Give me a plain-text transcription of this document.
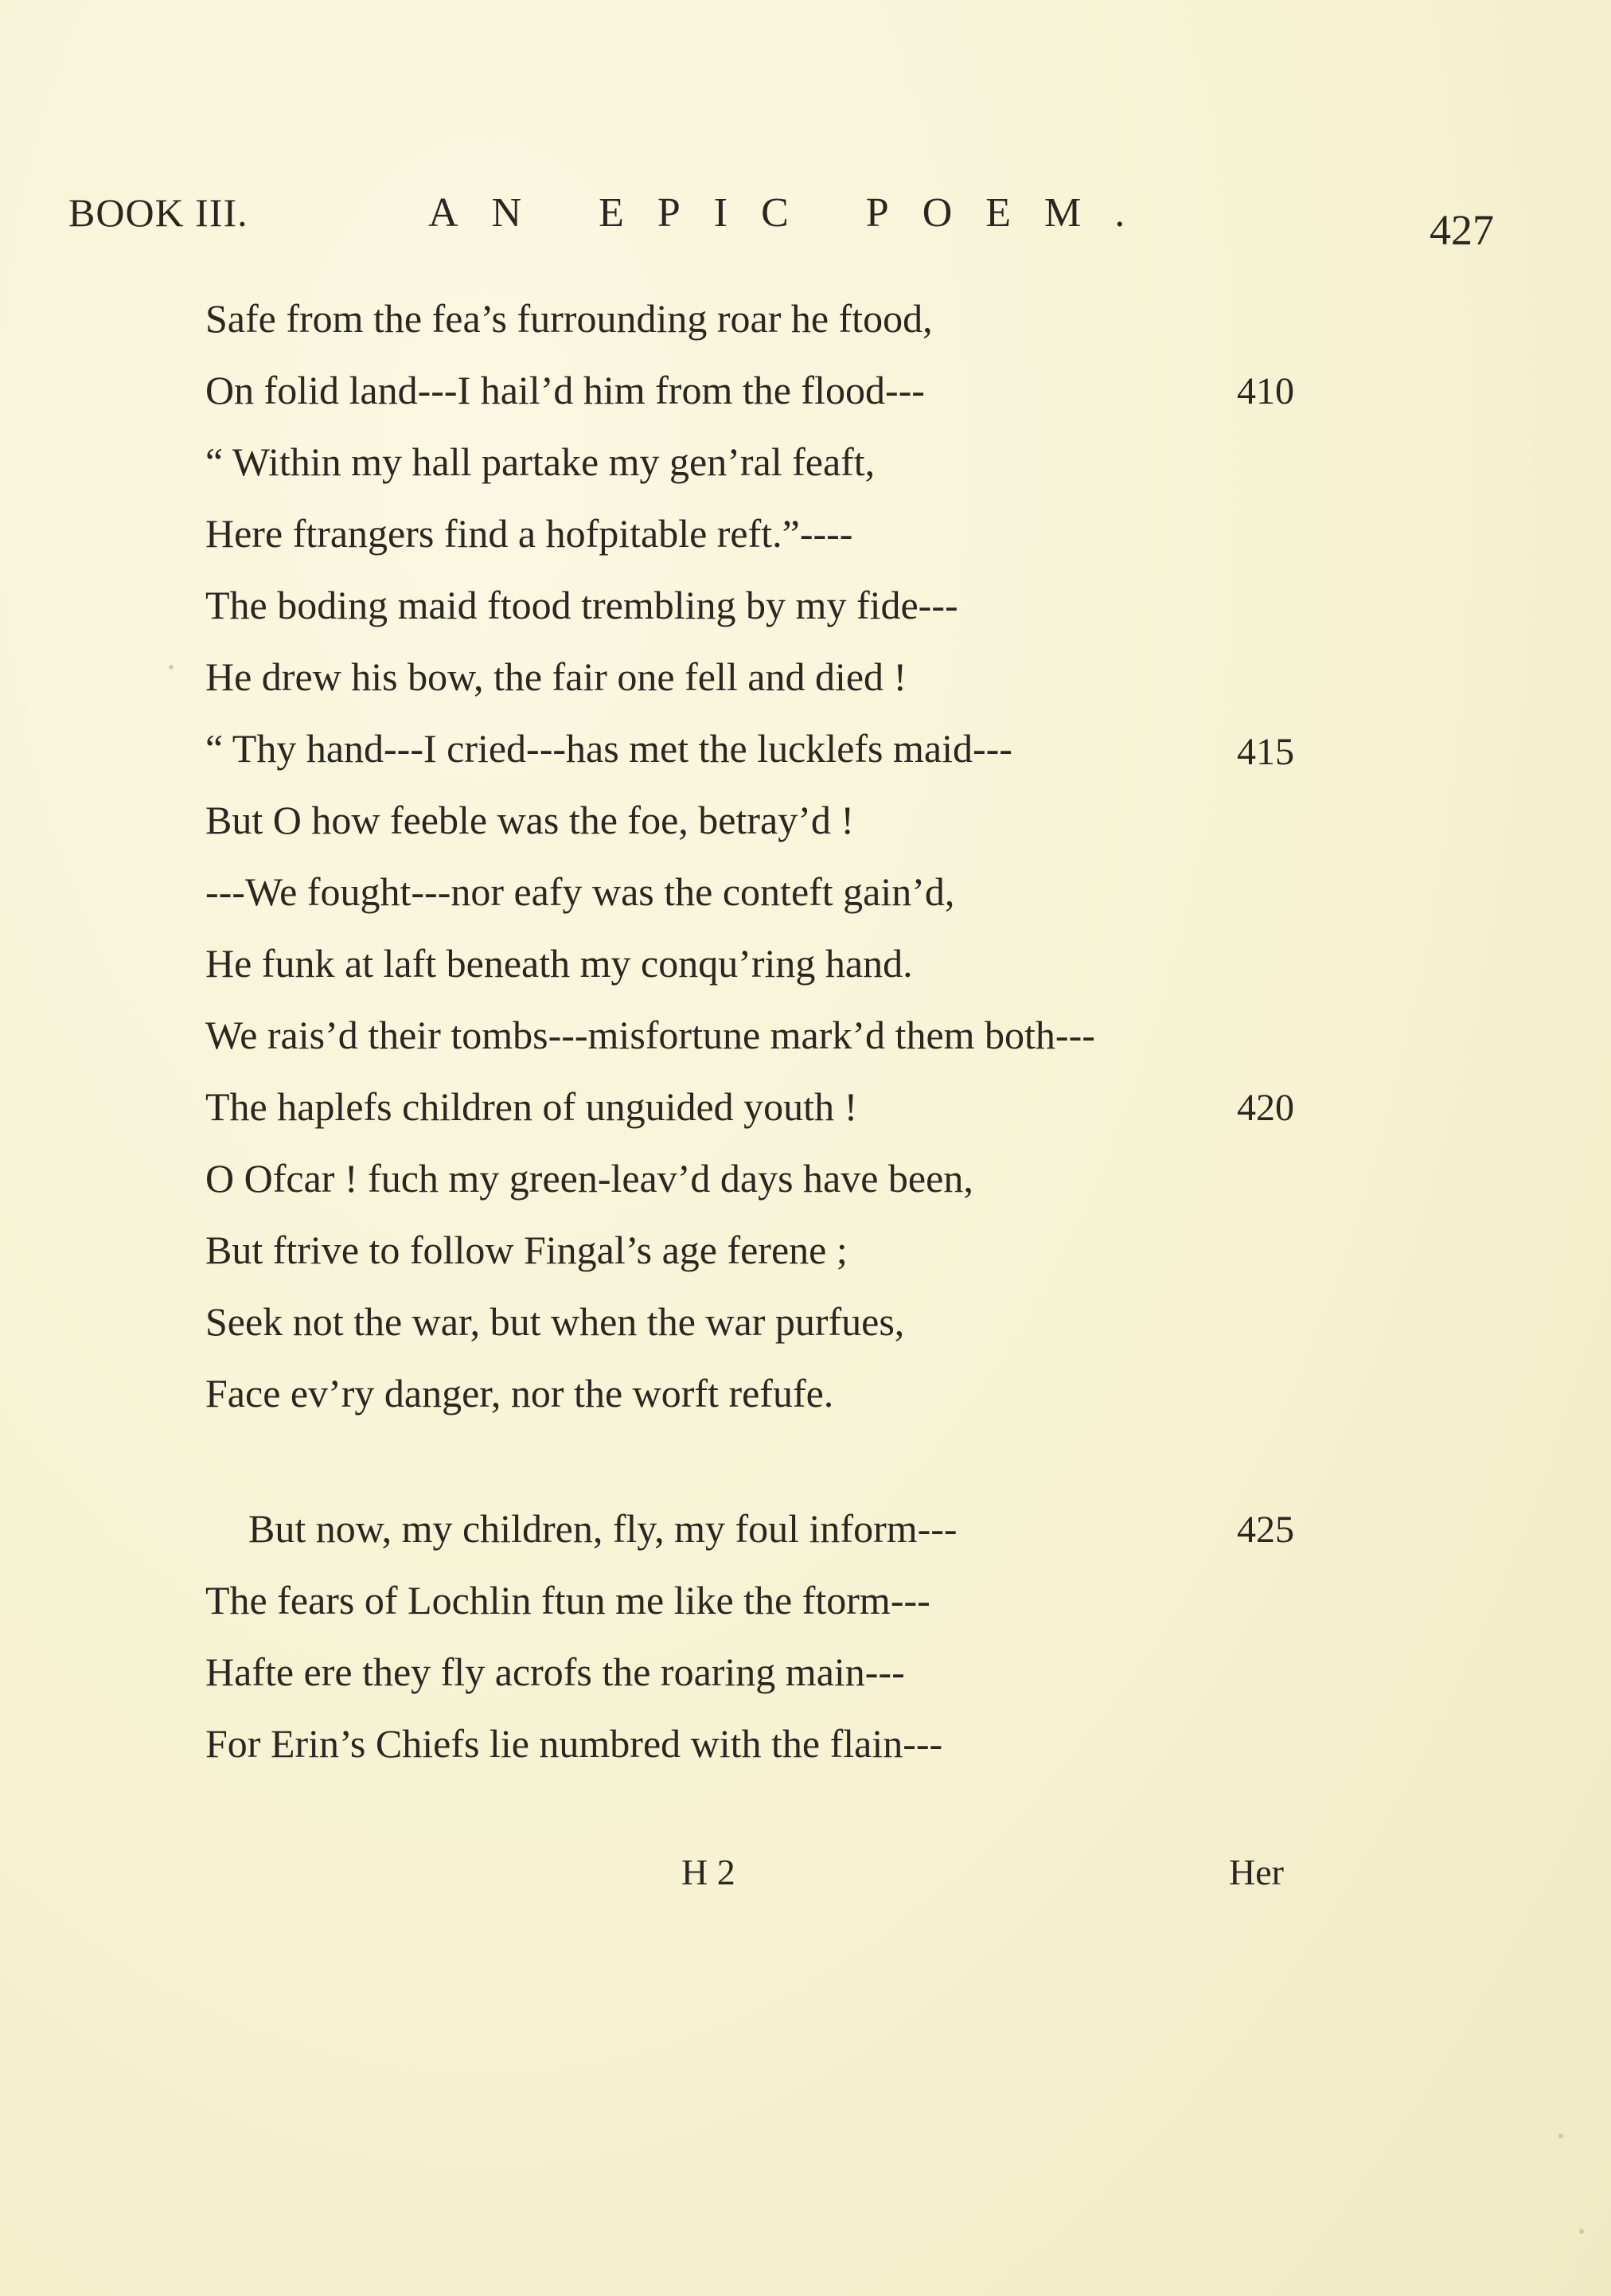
BOOK III.	AN EPIC POEM.	427
Safe from the fea’s furrounding roar he ftood,
On folid land---I hail’d him from the flood---	410
“ Within my hall partake my gen’ral feaft,
Here ftrangers find a hofpitable reft.”----
The boding maid ftood trembling by my fide---
He drew his bow, the fair one fell and died !
“ Thy hand---I cried---has met the lucklefs maid---	415
But O how feeble was the foe, betray’d !
---We fought---nor eafy was the conteft gain’d,
He funk at laft beneath my conqu’ring hand.
We rais’d their tombs---misfortune mark’d them both---
The haplefs children of unguided youth !	420
O Ofcar ! fuch my green-leav’d days have been,
But ftrive to follow Fingal’s age ferene ;
Seek not the war, but when the war purfues,
Face ev’ry danger, nor the worft refufe.
But now, my children, fly, my foul inform---	425
The fears of Lochlin ftun me like the ftorm---
Hafte ere they fly acrofs the roaring main---
For Erin’s Chiefs lie numbred with the flain---
H 2	Her
